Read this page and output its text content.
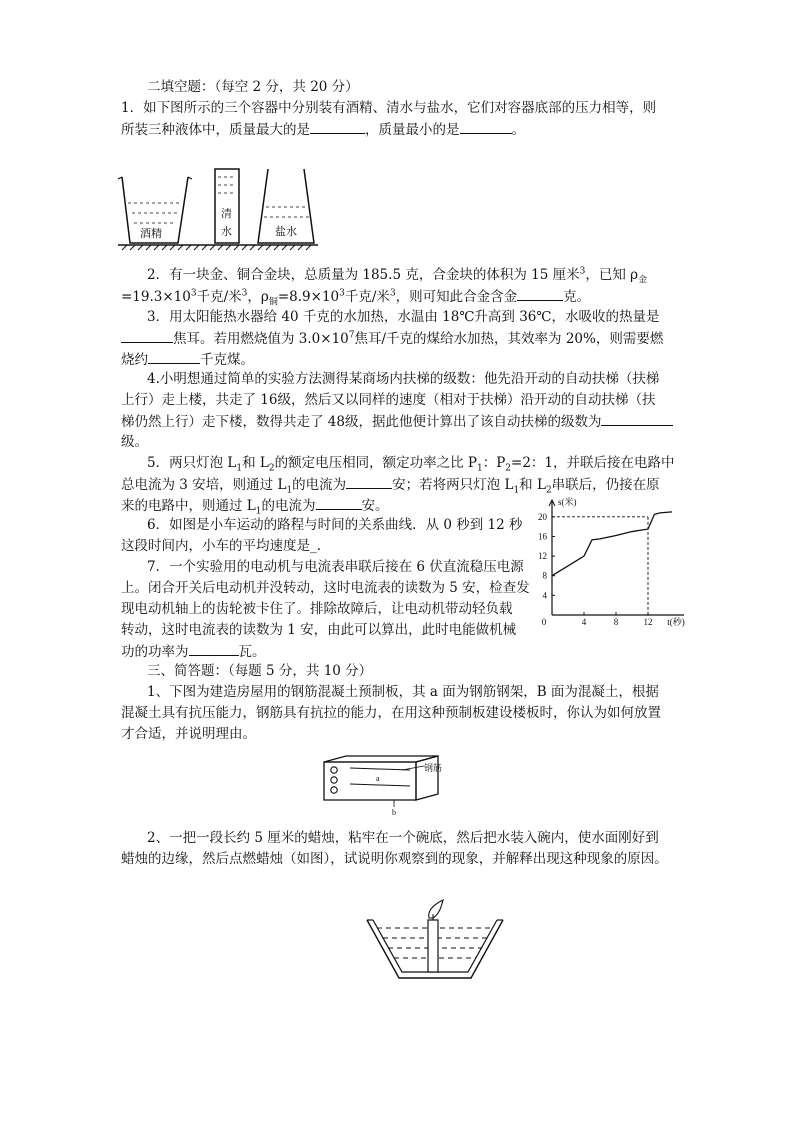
二填空题：（每空 2 分，共 20 分）
1．如下图所示的三个容器中分别装有酒精、清水与盐水，它们对容器底部的压力相等，则
所装三种液体中，质量最大的是	，质量最小的是	。
酒精
清
水	盐水
2．有一块金、铜合金块，总质量为 185.5 克，合金块的体积为 15 厘米$^3$，已知 $\rho_金$
$=19.3\times 10^3$千克/米$^3$，$\rho_铜=8.9\times 10^3$千克/米$^3$，则可知此合金含金	克。
3．用太阳能热水器给 40 千克的水加热，水温由 18℃升高到 36℃，水吸收的热量是
焦耳。若用燃烧值为 $3.0\times 10^7$焦耳/千克的煤给水加热，其效率为 20%，则需要燃
烧约	千克煤。
4.小明想通过简单的实验方法测得某商场内扶梯的级数：他先沿开动的自动扶梯（扶梯
上行）走上楼，共走了 16级，然后又以同样的速度（相对于扶梯）沿开动的自动扶梯（扶
梯仍然上行）走下楼，数得共走了 48级，据此他便计算出了该自动扶梯的级数为
级。
5．两只灯泡 $L_1$和 $L_2$的额定电压相同，额定功率之比 $P_1$：$P_2=2$：1，并联后接在电路中
总电流为 3 安培，则通过 $L_1$的电流为	安；若将两只灯泡 $L_1$和 $L_2$串联后，仍接在原
来的电路中，则通过 $L_1$的电流为	安。
6．如图是小车运动的路程与时间的关系曲线．从 0 秒到 12 秒
这段时间内，小车的平均速度是_.
7．一个实验用的电动机与电流表串联后接在 6 伏直流稳压电源
上。闭合开关后电动机并没转动，这时电流表的读数为 5 安，检查发
现电动机轴上的齿轮被卡住了。排除故障后，让电动机带动轻负载
转动，这时电流表的读数为 1 安，由此可以算出，此时电能做机械
功的功率为	瓦。
0	4	8	12
4
8
12
16
20
s(米)
t(秒)
三、简答题：（每题 5 分，共 10 分）
1、下图为建造房屋用的钢筋混凝土预制板，其 a 面为钢筋钢架，B 面为混凝土，根据
混凝土具有抗压能力，钢筋具有抗拉的能力，在用这种预制板建设楼板时，你认为如何放置
才合适，并说明理由。
钢筋
a
b
2、一把一段长约 5 厘米的蜡烛，粘牢在一个碗底，然后把水装入碗内，使水面刚好到
蜡烛的边缘，然后点燃蜡烛（如图），试说明你观察到的现象，并解释出现这种现象的原因。
